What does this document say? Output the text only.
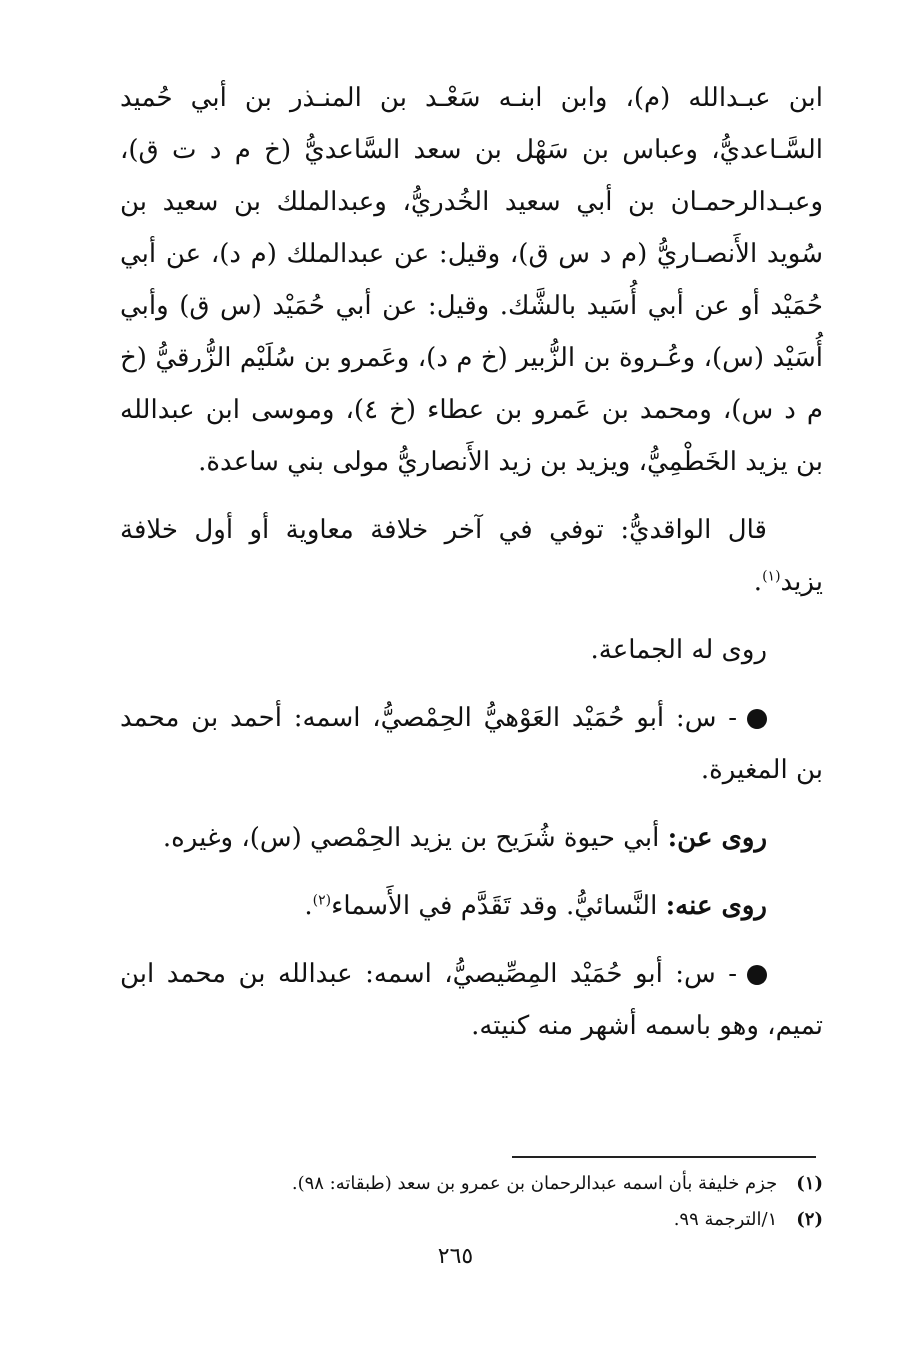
ابن عبـدالله (م)، وابن ابنـه سَعْـد بن المنـذر بن أبي حُميد السَّـاعديُّ، وعباس بن سَهْل بن سعد السَّاعديُّ (خ م د ت ق)، وعبـدالرحمـان بن أبي سعيد الخُدريُّ، وعبدالملك بن سعيد بن سُويد الأَنصـاريُّ (م د س ق)، وقيل: عن عبدالملك (م د)، عن أبي حُمَيْد أو عن أبي أُسَيد بالشَّك. وقيل: عن أبي حُمَيْد (س ق) وأبي أُسَيْد (س)، وعُـروة بن الزُّبير (خ م د)، وعَمرو بن سُلَيْم الزُّرقيُّ (خ م د س)، ومحمد بن عَمرو بن عطاء (خ ٤)، وموسى ابن عبدالله بن يزيد الخَطْمِيُّ، ويزيد بن زيد الأَنصاريُّ مولى بني ساعدة.

قال الواقديُّ: توفي في آخر خلافة معاوية أو أول خلافة يزيد$^{(١)}$.

روى له الجماعة.

- س: أبو حُمَيْد العَوْهيُّ الحِمْصيُّ، اسمه: أحمد بن محمد بن المغيرة.

روى عن: أبي حيوة شُرَيح بن يزيد الحِمْصي (س)، وغيره.

روى عنه: النَّسائيُّ. وقد تَقَدَّم في الأَسماء$^{(٢)}$.

- س: أبو حُمَيْد المِصِّيصيُّ، اسمه: عبدالله بن محمد ابن تميم، وهو باسمه أشهر منه كنيته.

(١) جزم خليفة بأن اسمه عبدالرحمان بن عمرو بن سعد (طبقاته: ٩٨).

(٢) ١/الترجمة ٩٩.

٢٦٥
